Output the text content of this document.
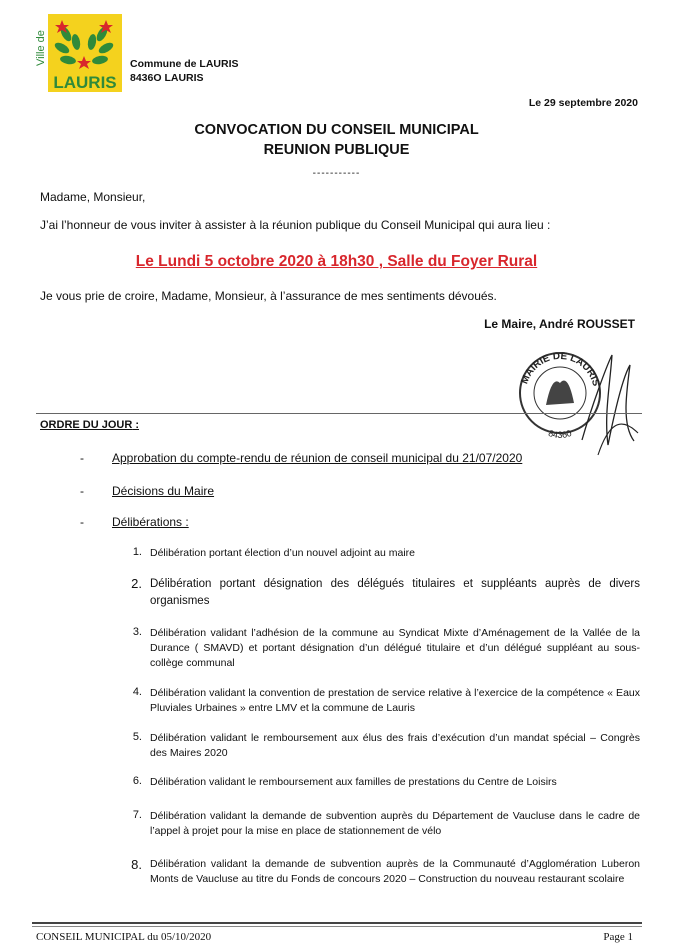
Ville de
LAURIS
Commune de LAURIS
8436O LAURIS
Le 29 septembre 2020
CONVOCATION DU CONSEIL MUNICIPAL
REUNION PUBLIQUE
-----------
Madame, Monsieur,
J’ai l’honneur de vous inviter à assister à la réunion publique du Conseil Municipal qui aura lieu :
Le Lundi 5 octobre 2020 à 18h30 , Salle du Foyer Rural
Je vous prie de croire, Madame, Monsieur, à l’assurance de mes sentiments dévoués.
Le Maire, André ROUSSET
MAIRIE DE LAURIS
84360
ORDRE DU JOUR :
- Approbation du compte-rendu de réunion de conseil municipal du 21/07/2020
- Décisions du Maire
- Délibérations :
1. Délibération portant élection d’un nouvel adjoint au maire
2. Délibération portant désignation des délégués titulaires et suppléants auprès de divers organismes
3. Délibération validant l’adhésion de la commune au Syndicat Mixte d’Aménagement de la Vallée de la Durance ( SMAVD) et portant désignation d’un délégué titulaire et d’un délégué suppléant au sous-collège communal
4. Délibération validant la convention de prestation de service relative à l’exercice de la compétence « Eaux Pluviales Urbaines » entre LMV et la commune de Lauris
5. Délibération validant le remboursement aux élus des frais d’exécution d’un mandat spécial – Congrès des Maires 2020
6. Délibération validant le remboursement aux familles de prestations du Centre de Loisirs
7. Délibération validant la demande de subvention auprès du Département de Vaucluse dans le cadre de l’appel à projet pour la mise en place de stationnement de vélo
8. Délibération validant la demande de subvention auprès de la Communauté d’Agglomération Luberon Monts de Vaucluse au titre du Fonds de concours 2020 – Construction du nouveau restaurant scolaire
CONSEIL MUNICIPAL du 05/10/2020	Page 1
